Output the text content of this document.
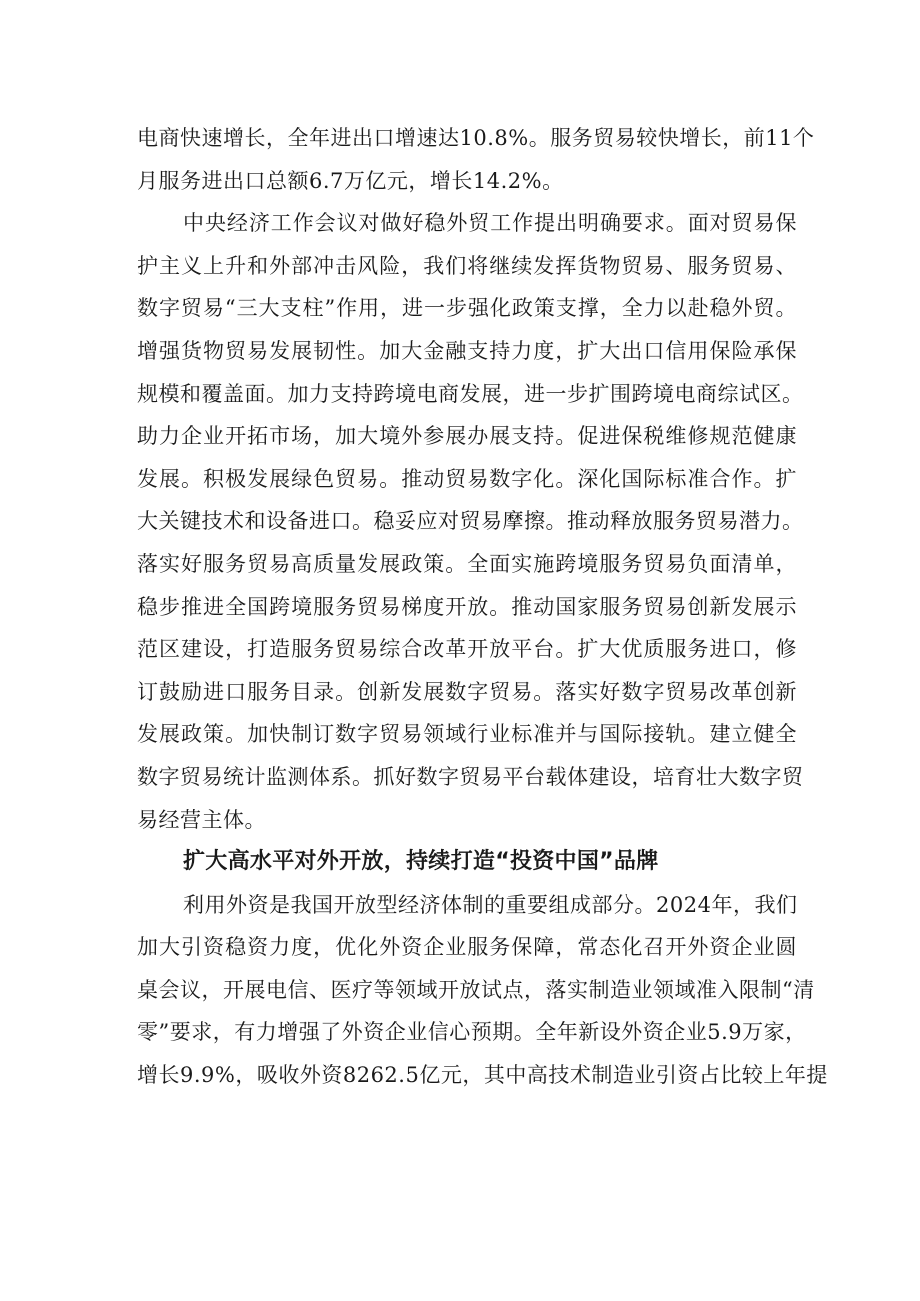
电商快速增长，全年进出口增速达10.8%。服务贸易较快增长，前11个
月服务进出口总额6.7万亿元，增长14.2%。
中央经济工作会议对做好稳外贸工作提出明确要求。面对贸易保
护主义上升和外部冲击风险，我们将继续发挥货物贸易、服务贸易、
数字贸易“三大支柱”作用，进一步强化政策支撑，全力以赴稳外贸。
增强货物贸易发展韧性。加大金融支持力度，扩大出口信用保险承保
规模和覆盖面。加力支持跨境电商发展，进一步扩围跨境电商综试区。
助力企业开拓市场，加大境外参展办展支持。促进保税维修规范健康
发展。积极发展绿色贸易。推动贸易数字化。深化国际标准合作。扩
大关键技术和设备进口。稳妥应对贸易摩擦。推动释放服务贸易潜力。
落实好服务贸易高质量发展政策。全面实施跨境服务贸易负面清单，
稳步推进全国跨境服务贸易梯度开放。推动国家服务贸易创新发展示
范区建设，打造服务贸易综合改革开放平台。扩大优质服务进口，修
订鼓励进口服务目录。创新发展数字贸易。落实好数字贸易改革创新
发展政策。加快制订数字贸易领域行业标准并与国际接轨。建立健全
数字贸易统计监测体系。抓好数字贸易平台载体建设，培育壮大数字贸
易经营主体。
扩大高水平对外开放，持续打造“投资中国”品牌
利用外资是我国开放型经济体制的重要组成部分。2024年，我们
加大引资稳资力度，优化外资企业服务保障，常态化召开外资企业圆
桌会议，开展电信、医疗等领域开放试点，落实制造业领域准入限制“清
零”要求，有力增强了外资企业信心预期。全年新设外资企业5.9万家，
增长9.9%，吸收外资8262.5亿元，其中高技术制造业引资占比较上年提
